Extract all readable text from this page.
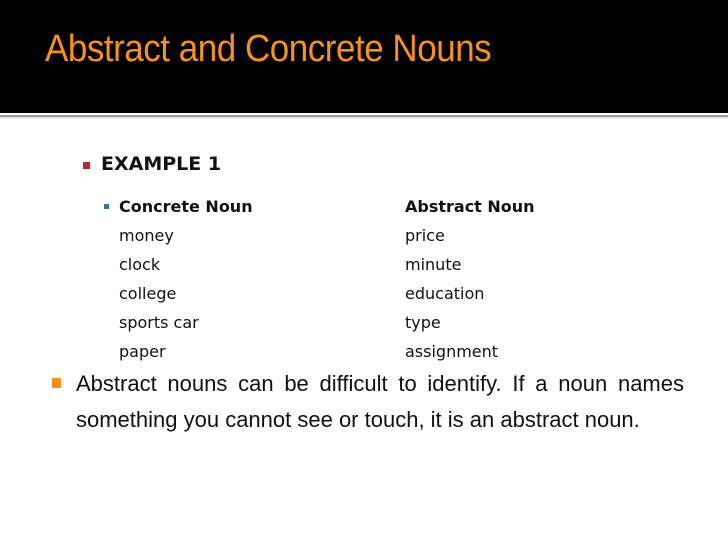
Abstract and Concrete Nouns
EXAMPLE 1
Concrete Noun
money
clock
college
sports car
paper
Abstract Noun
price
minute
education
type
assignment
Abstract nouns can be difficult to identify. If a noun names something you cannot see or touch, it is an abstract noun.
